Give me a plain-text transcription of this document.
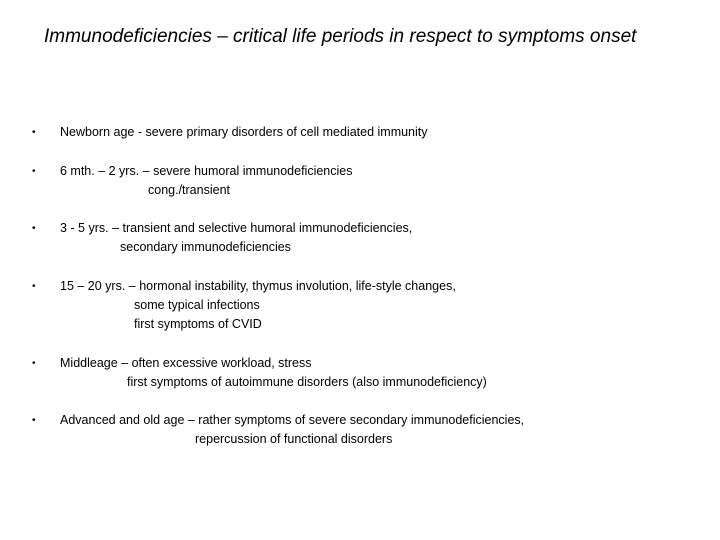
Immunodeficiencies – critical life periods in respect to symptoms onset
• Newborn age - severe primary disorders of cell mediated immunity
• 6 mth. – 2 yrs. – severe humoral immunodeficiencies
cong./transient
• 3 - 5 yrs. – transient and selective humoral immunodeficiencies,
secondary immunodeficiencies
• 15 – 20 yrs. – hormonal instability, thymus involution, life-style changes,
some typical infections
first symptoms of CVID
• Middleage – often excessive workload, stress
first symptoms of autoimmune disorders (also immunodeficiency)
• Advanced and old age – rather symptoms of severe secondary immunodeficiencies,
repercussion of functional disorders
